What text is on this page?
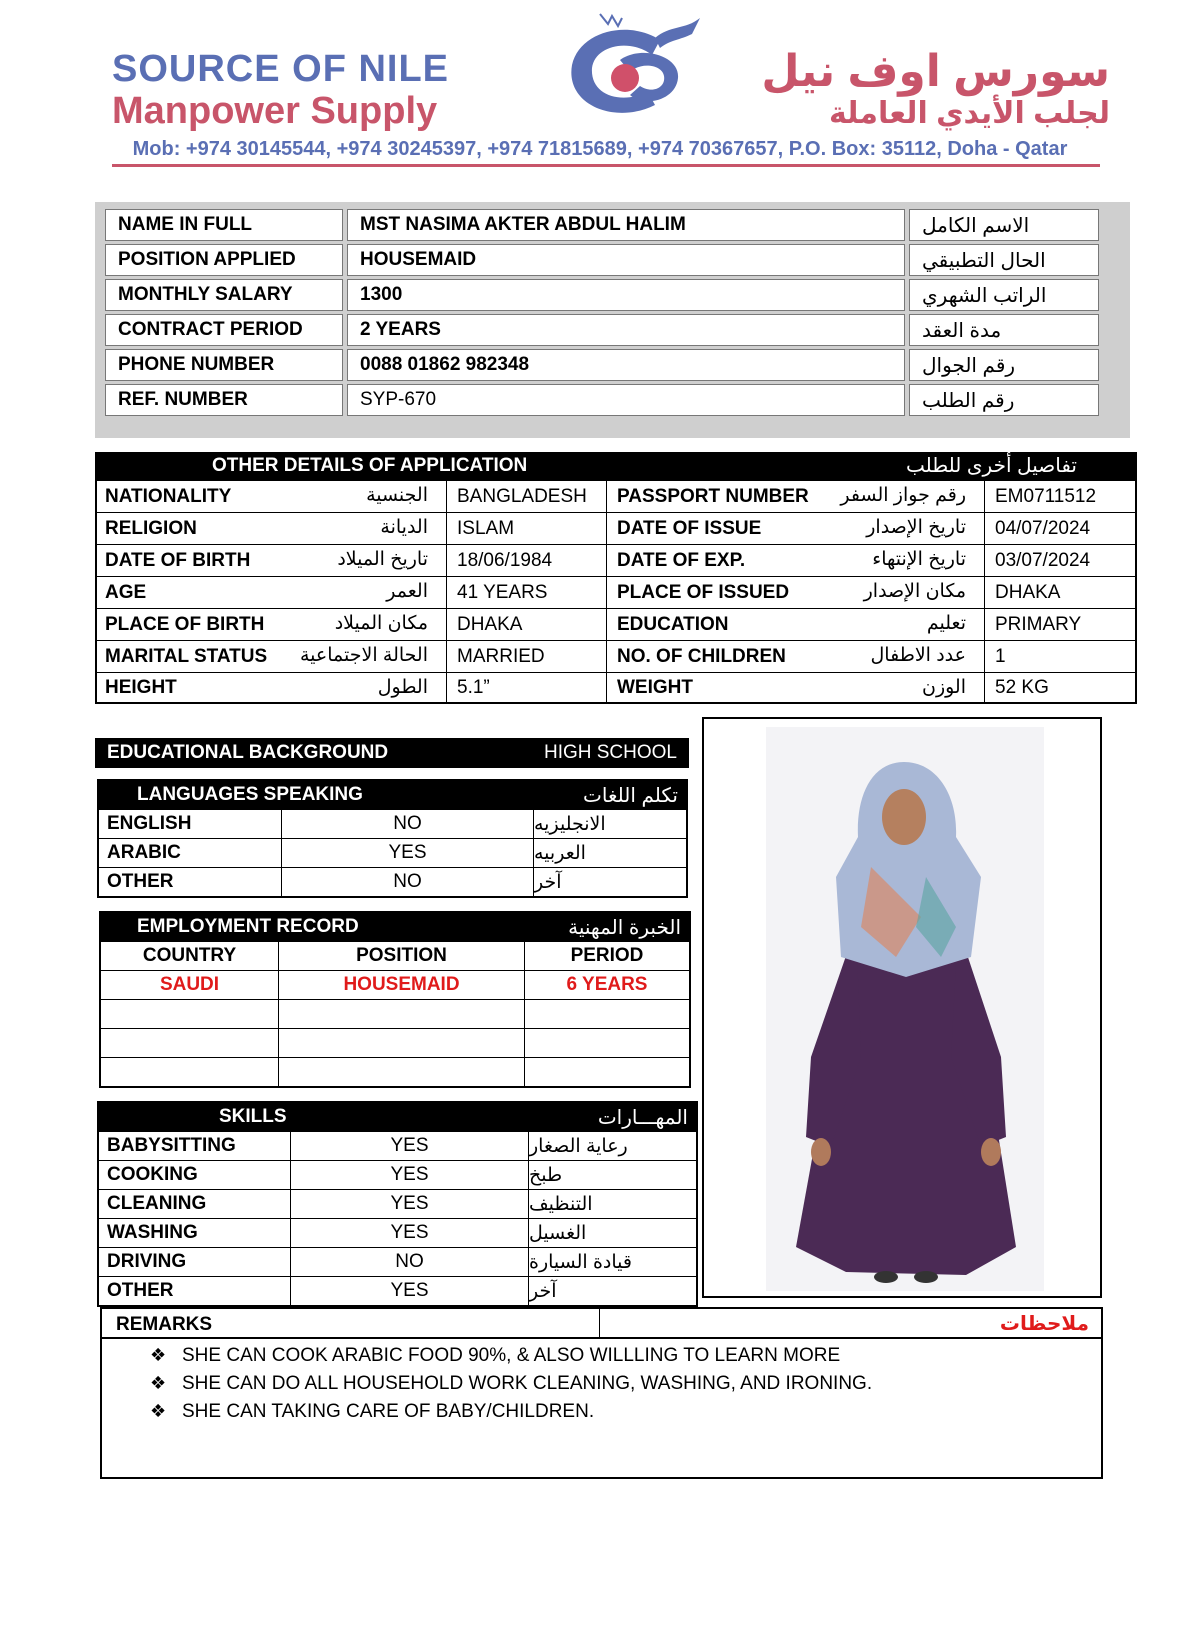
SOURCE OF NILE
Manpower Supply
سورس اوف نيل
لجلب الأيدي العاملة
Mob: +974 30145544, +974 30245397, +974 71815689, +974 70367657, P.O. Box: 35112, Doha - Qatar
NAME IN FULL	MST NASIMA AKTER ABDUL HALIM	الاسم الكامل
POSITION APPLIED	HOUSEMAID	الحال التطبيقي
MONTHLY SALARY	1300	الراتب الشهري
CONTRACT PERIOD	2 YEARS	مدة العقد
PHONE NUMBER	0088 01862 982348	رقم الجوال
REF. NUMBER	SYP-670	رقم الطلب
OTHER DETAILS OF APPLICATION	تفاصيل أخرى للطلب
NATIONALITY	الجنسية	BANGLADESH	PASSPORT NUMBER رقم جواز السفر	EM0711512
RELIGION	الديانة	ISLAM	DATE OF ISSUE	تاريخ الإصدار	04/07/2024
DATE OF BIRTH	تاريخ الميلاد	18/06/1984	DATE OF EXP.	تاريخ الإنتهاء	03/07/2024
AGE	العمر	41 YEARS	PLACE OF ISSUED	مكان الإصدار	DHAKA
PLACE OF BIRTH	مكان الميلاد	DHAKA	EDUCATION	تعليم	PRIMARY
MARITAL STATUS الحالة الاجتماعية	MARRIED	NO. OF CHILDREN	عدد الاطفال	1
HEIGHT	الطول	5.1”	WEIGHT	الوزن	52 KG
EDUCATIONAL BACKGROUND	HIGH SCHOOL
LANGUAGES SPEAKING	تكلم اللغات
ENGLISH	NO	الانجليزيه
ARABIC	YES	العربيه
OTHER	NO	آخر
EMPLOYMENT RECORD	الخبرة المهنية
COUNTRY	POSITION	PERIOD
SAUDI	HOUSEMAID	6 YEARS
SKILLS	المهـــارات
BABYSITTING	YES	رعاية الصغار
COOKING	YES	طبخ
CLEANING	YES	التنظيف
WASHING	YES	الغسيل
DRIVING	NO	قيادة السيارة
OTHER	YES	آخر
REMARKS	ملاحظات
❖ SHE CAN COOK ARABIC FOOD 90%, & ALSO WILLLING TO LEARN MORE
❖ SHE CAN DO ALL HOUSEHOLD WORK CLEANING, WASHING, AND IRONING.
❖ SHE CAN TAKING CARE OF BABY/CHILDREN.
